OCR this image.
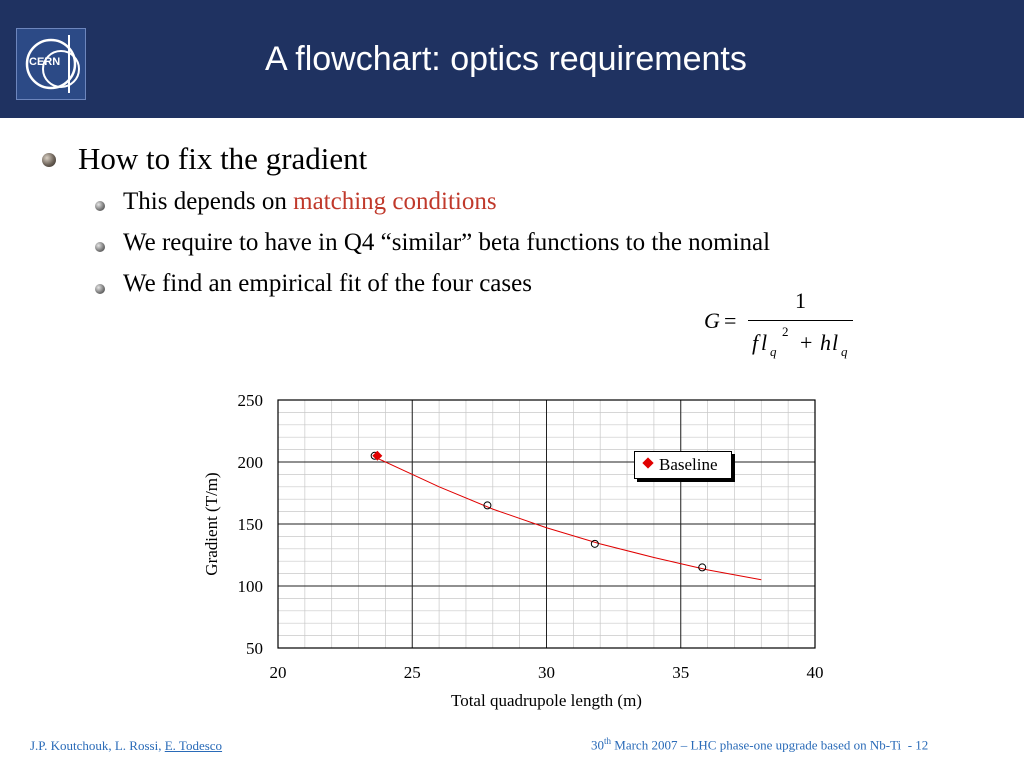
CERN	A flowchart: optics requirements
How to fix the gradient
This depends on matching conditions
We require to have in Q4 “similar” beta functions to the nominal
We find an empirical fit of the four cases
G =
1
f l q
2 + h l q
20	25	30	35	40
50
100
150
200
250
Total quadrupole length (m)
Gradient (T/m)
Baseline
J.P. Koutchouk, L. Rossi, E. Todesco	30th March 2007 – LHC phase-one upgrade based on Nb-Ti - 12
